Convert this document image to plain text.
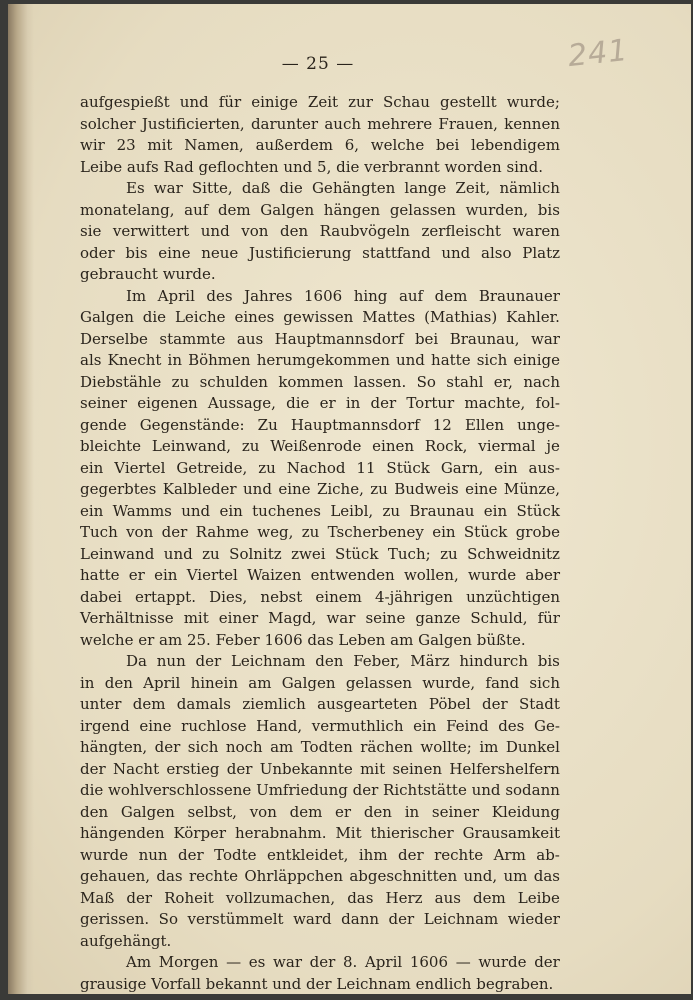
— 25 —	241
aufgespießt und für einige Zeit zur Schau gestellt wurde;
solcher Justificierten, darunter auch mehrere Frauen, kennen
wir 23 mit Namen, außerdem 6, welche bei lebendigem
Leibe aufs Rad geflochten und 5, die verbrannt worden sind.
Es war Sitte, daß die Gehängten lange Zeit, nämlich
monatelang, auf dem Galgen hängen gelassen wurden, bis
sie verwittert und von den Raubvögeln zerfleischt waren
oder bis eine neue Justificierung stattfand und also Platz
gebraucht wurde.
Im April des Jahres 1606 hing auf dem Braunauer
Galgen die Leiche eines gewissen Mattes (Mathias) Kahler.
Derselbe stammte aus Hauptmannsdorf bei Braunau, war
als Knecht in Böhmen herumgekommen und hatte sich einige
Diebstähle zu schulden kommen lassen. So stahl er, nach
seiner eigenen Aussage, die er in der Tortur machte, fol-
gende Gegenstände: Zu Hauptmannsdorf 12 Ellen unge-
bleichte Leinwand, zu Weißenrode einen Rock, viermal je
ein Viertel Getreide, zu Nachod 11 Stück Garn, ein aus-
gegerbtes Kalbleder und eine Ziche, zu Budweis eine Münze,
ein Wamms und ein tuchenes Leibl, zu Braunau ein Stück
Tuch von der Rahme weg, zu Tscherbeney ein Stück grobe
Leinwand und zu Solnitz zwei Stück Tuch; zu Schweidnitz
hatte er ein Viertel Waizen entwenden wollen, wurde aber
dabei ertappt. Dies, nebst einem 4-jährigen unzüchtigen
Verhältnisse mit einer Magd, war seine ganze Schuld, für
welche er am 25. Feber 1606 das Leben am Galgen büßte.
Da nun der Leichnam den Feber, März hindurch bis
in den April hinein am Galgen gelassen wurde, fand sich
unter dem damals ziemlich ausgearteten Pöbel der Stadt
irgend eine ruchlose Hand, vermuthlich ein Feind des Ge-
hängten, der sich noch am Todten rächen wollte; im Dunkel
der Nacht erstieg der Unbekannte mit seinen Helfershelfern
die wohlverschlossene Umfriedung der Richtstätte und sodann
den Galgen selbst, von dem er den in seiner Kleidung
hängenden Körper herabnahm. Mit thierischer Grausamkeit
wurde nun der Todte entkleidet, ihm der rechte Arm ab-
gehauen, das rechte Ohrläppchen abgeschnitten und, um das
Maß der Roheit vollzumachen, das Herz aus dem Leibe
gerissen. So verstümmelt ward dann der Leichnam wieder
aufgehängt.
Am Morgen — es war der 8. April 1606 — wurde der
grausige Vorfall bekannt und der Leichnam endlich begraben.
